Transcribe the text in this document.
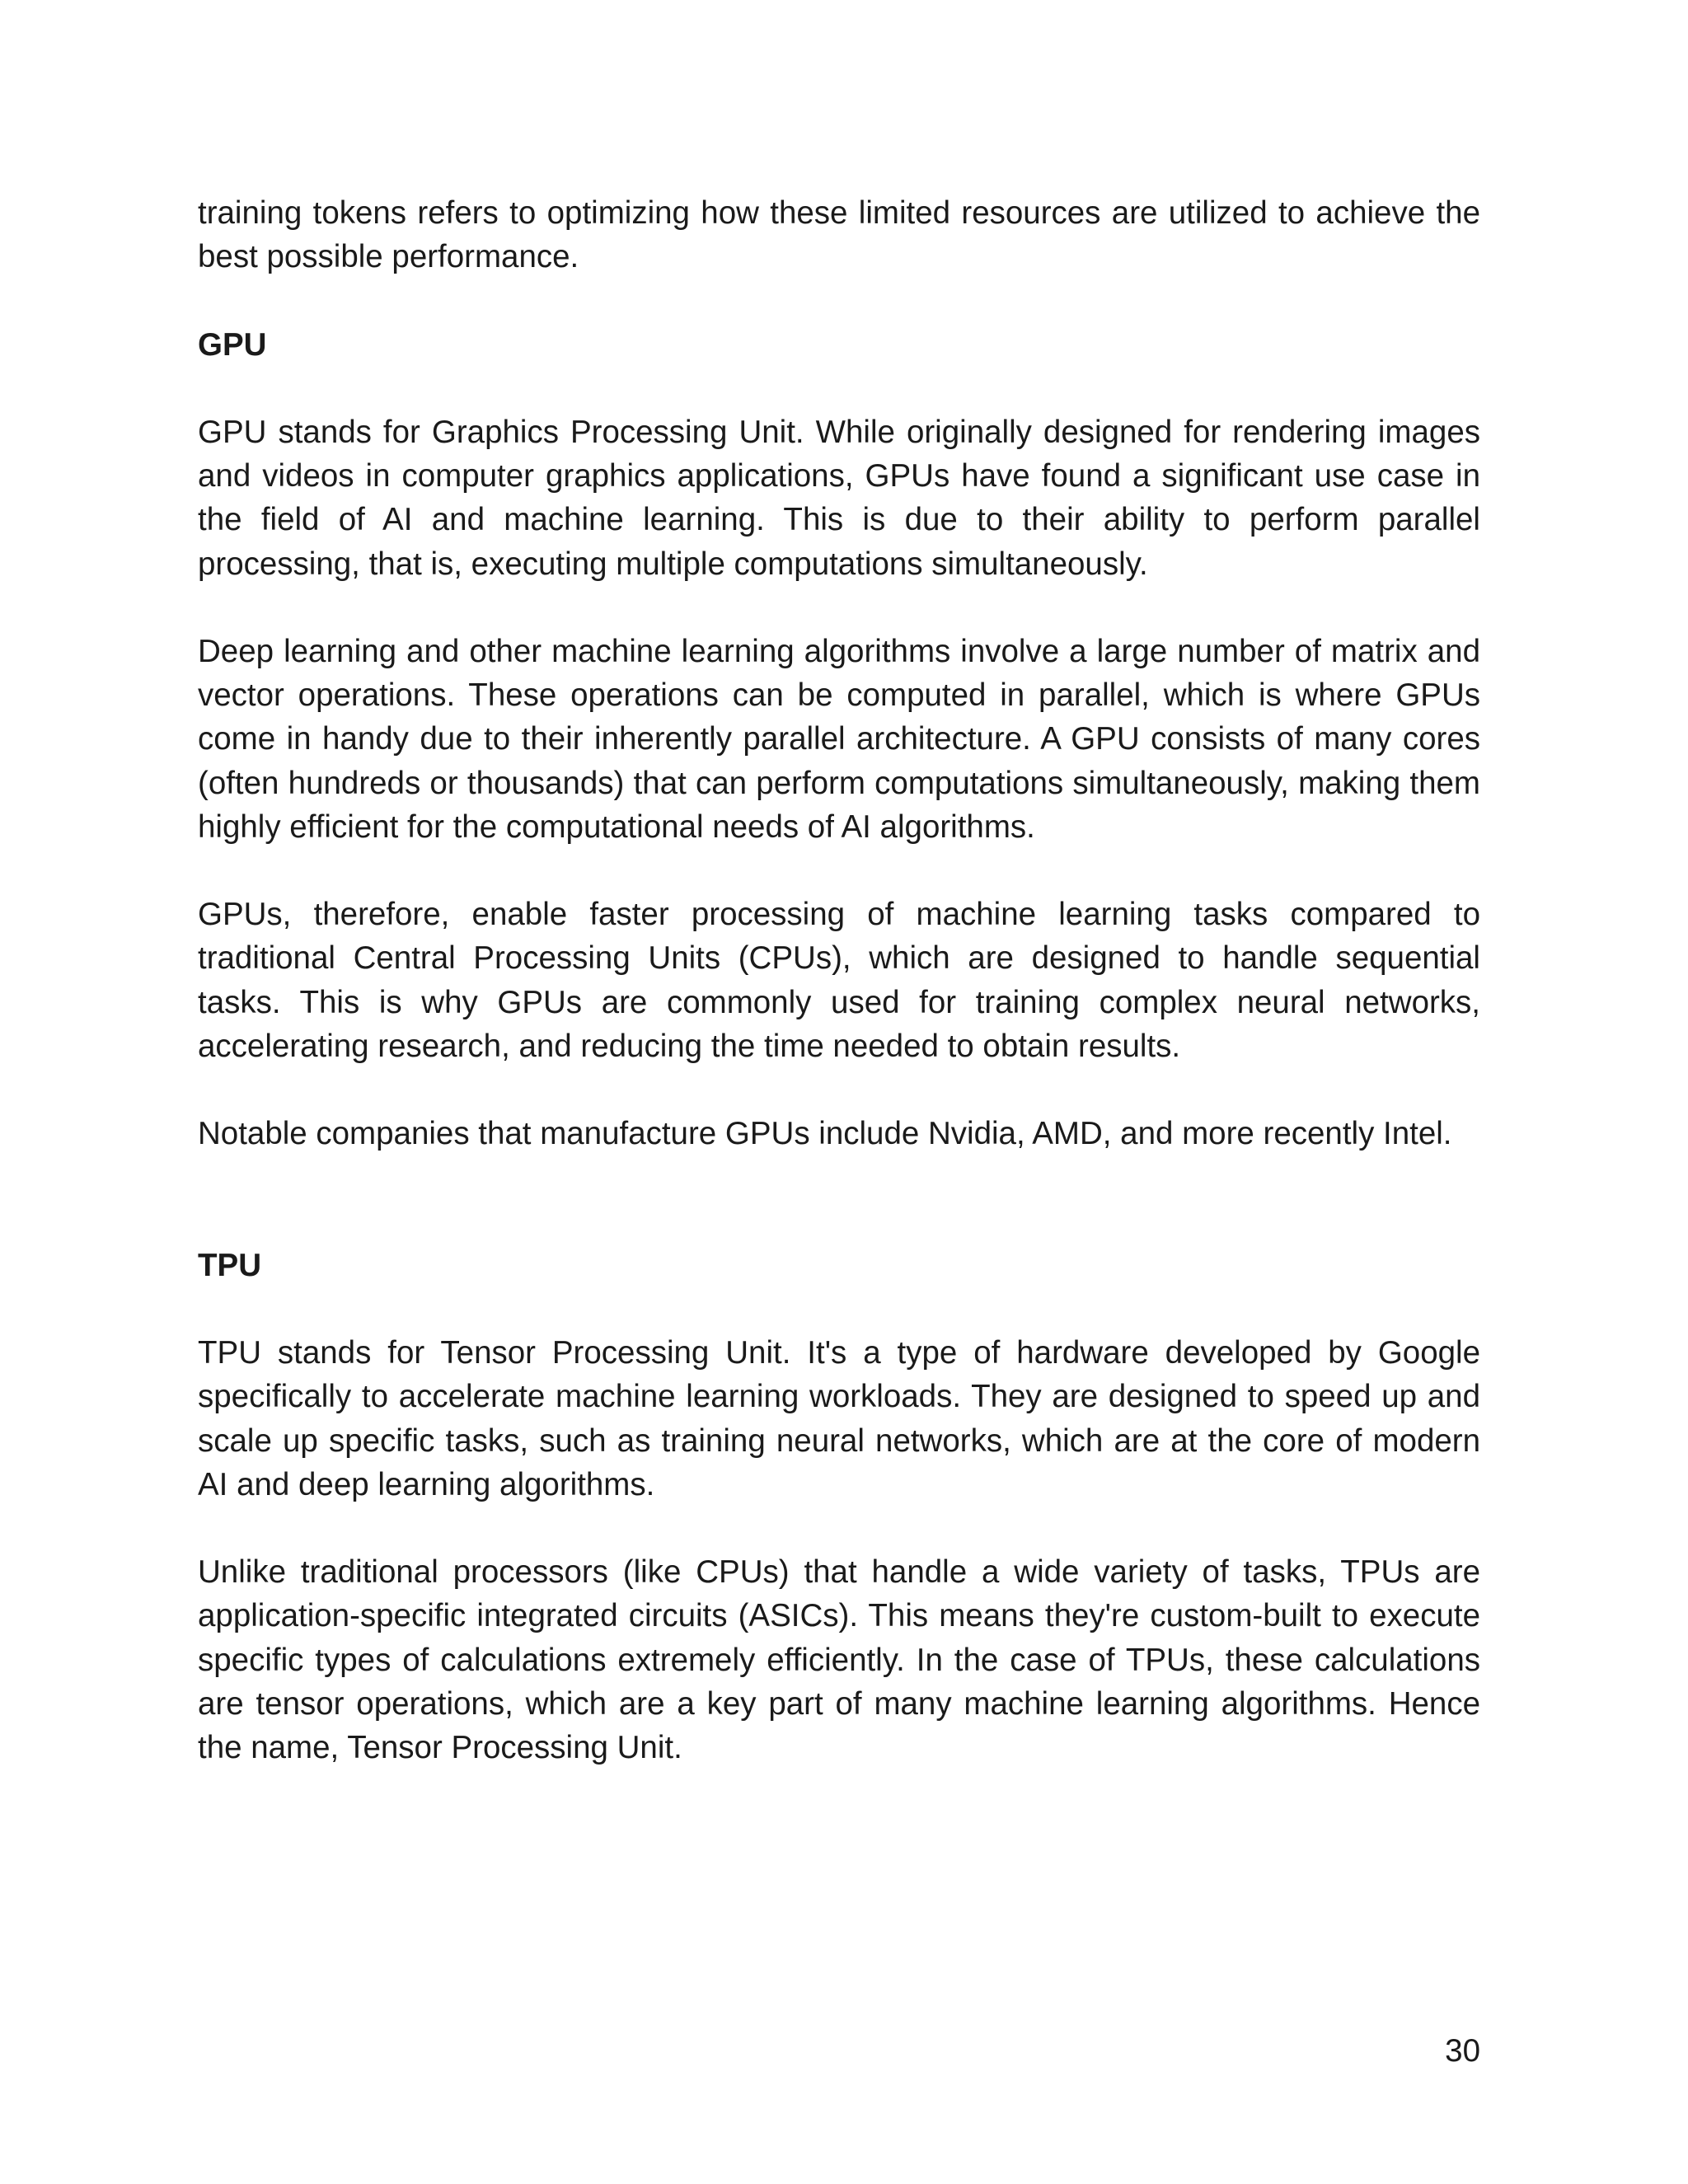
training tokens refers to optimizing how these limited resources are utilized to achieve the best possible performance.

GPU

GPU stands for Graphics Processing Unit. While originally designed for rendering images and videos in computer graphics applications, GPUs have found a significant use case in the field of AI and machine learning. This is due to their ability to perform parallel processing, that is, executing multiple computations simultaneously.

Deep learning and other machine learning algorithms involve a large number of matrix and vector operations. These operations can be computed in parallel, which is where GPUs come in handy due to their inherently parallel architecture. A GPU consists of many cores (often hundreds or thousands) that can perform computations simultaneously, making them highly efficient for the computational needs of AI algorithms.

GPUs, therefore, enable faster processing of machine learning tasks compared to traditional Central Processing Units (CPUs), which are designed to handle sequential tasks. This is why GPUs are commonly used for training complex neural networks, accelerating research, and reducing the time needed to obtain results.

Notable companies that manufacture GPUs include Nvidia, AMD, and more recently Intel.

TPU

TPU stands for Tensor Processing Unit. It's a type of hardware developed by Google specifically to accelerate machine learning workloads. They are designed to speed up and scale up specific tasks, such as training neural networks, which are at the core of modern AI and deep learning algorithms.

Unlike traditional processors (like CPUs) that handle a wide variety of tasks, TPUs are application-specific integrated circuits (ASICs). This means they're custom-built to execute specific types of calculations extremely efficiently. In the case of TPUs, these calculations are tensor operations, which are a key part of many machine learning algorithms. Hence the name, Tensor Processing Unit.

30
